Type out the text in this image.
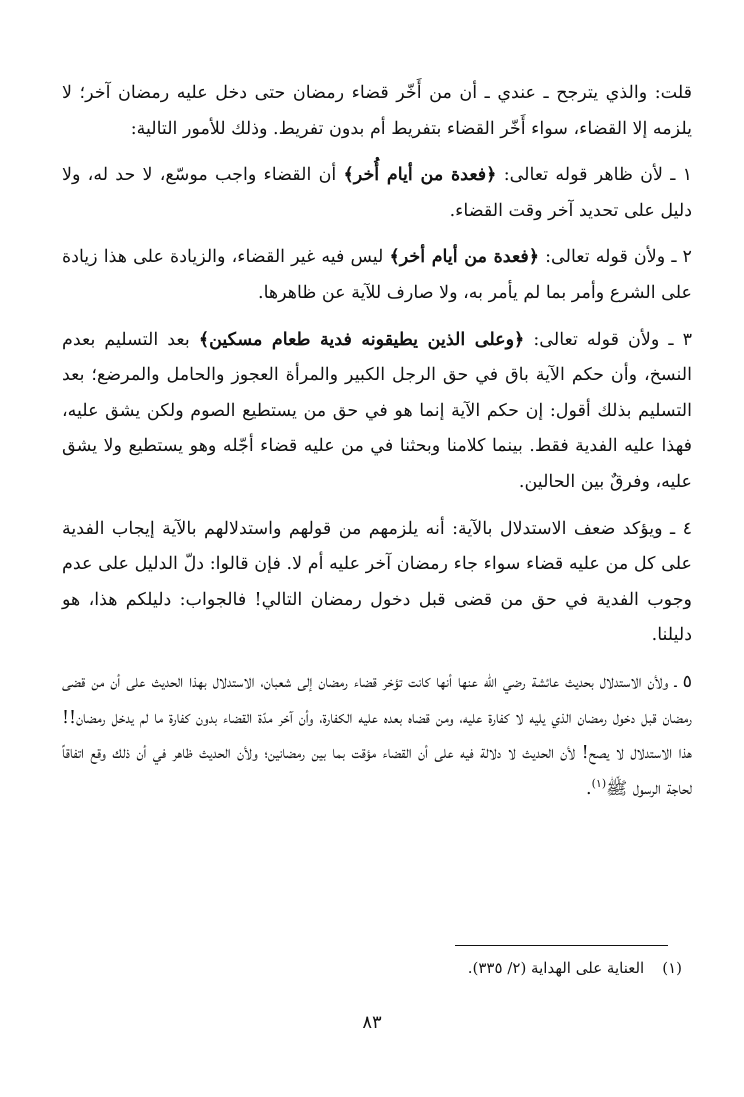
قلت: والذي يترجح ـ عندي ـ أن من أَخّر قضاء رمضان حتى دخل عليه رمضان آخر؛ لا يلزمه إلا القضاء، سواء أَخّر القضاء بتفريط أم بدون تفريط. وذلك للأمور التالية:

١ ـ لأن ظاهر قوله تعالى: ﴿فعدة من أيام أُخر﴾ أن القضاء واجب موسّع، لا حد له، ولا دليل على تحديد آخر وقت القضاء.

٢ ـ ولأن قوله تعالى: ﴿فعدة من أيام أخر﴾ ليس فيه غير القضاء، والزيادة على هذا زيادة على الشرع وأمر بما لم يأمر به، ولا صارف للآية عن ظاهرها.

٣ ـ ولأن قوله تعالى: ﴿وعلى الذين يطيقونه فدية طعام مسكين﴾ بعد التسليم بعدم النسخ، وأن حكم الآية باق في حق الرجل الكبير والمرأة العجوز والحامل والمرضع؛ بعد التسليم بذلك أقول: إن حكم الآية إنما هو في حق من يستطيع الصوم ولكن يشق عليه، فهذا عليه الفدية فقط. بينما كلامنا وبحثنا في من عليه قضاء أجّله وهو يستطيع ولا يشق عليه، وفرقٌ بين الحالين.

٤ ـ ويؤكد ضعف الاستدلال بالآية: أنه يلزمهم من قولهم واستدلالهم بالآية إيجاب الفدية على كل من عليه قضاء سواء جاء رمضان آخر عليه أم لا. فإن قالوا: دلّ الدليل على عدم وجوب الفدية في حق من قضى قبل دخول رمضان التالي! فالجواب: دليلكم هذا، هو دليلنا.

٥ ـ ولأن الاستدلال بحديث عائشة رضي الله عنها أنها كانت تؤخر قضاء رمضان إلى شعبان، الاستدلال بهذا الحديث على أن من قضى رمضان قبل دخول رمضان الذي يليه لا كفارة عليه، ومن قضاه بعده عليه الكفارة، وأن آخر مدّة القضاء بدون كفارة ما لم يدخل رمضان!! هذا الاستدلال لا يصح! لأن الحديث لا دلالة فيه على أن القضاء مؤقت بما بين رمضانين؛ ولأن الحديث ظاهر في أن ذلك وقع اتفاقاً لحاجة الرسول ﷺ$^{(١)}$.

(١)العناية على الهداية (٢/ ٣٣٥).
٨٣
